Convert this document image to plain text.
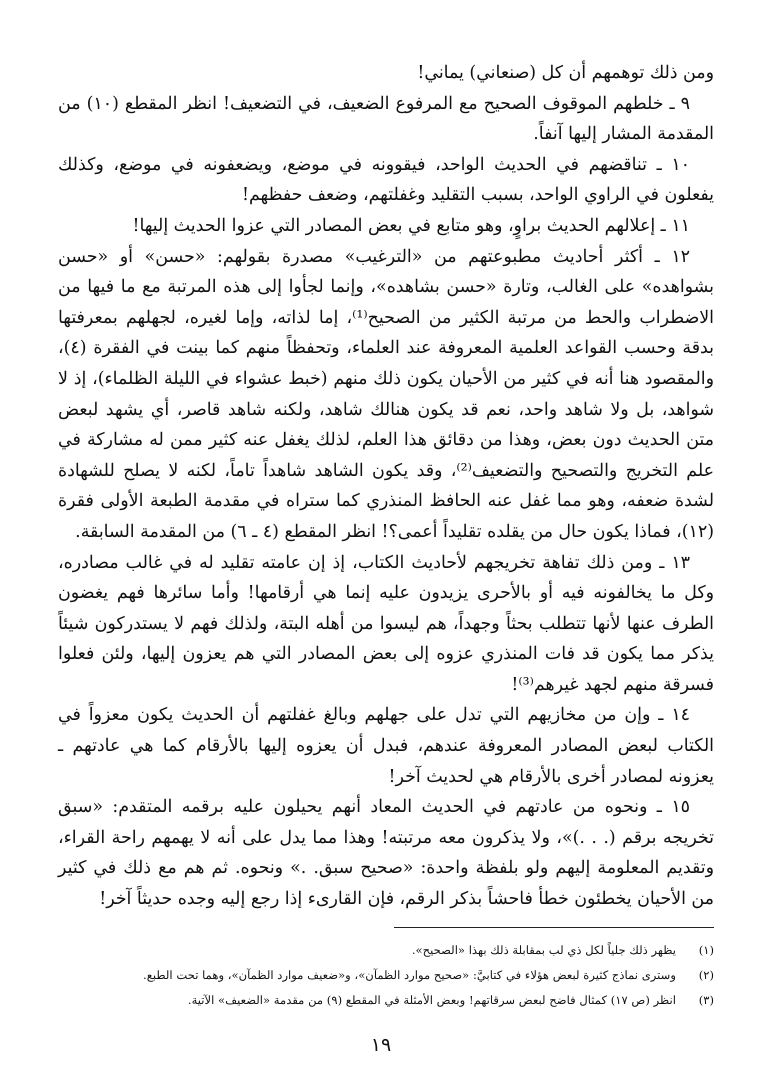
ومن ذلك توهمهم أن كل (صنعاني) يماني!

٩ ـ خلطهم الموقوف الصحيح مع المرفوع الضعيف، في التضعيف! انظر المقطع (١٠) من المقدمة المشار إليها آنفاً.

١٠ ـ تناقضهم في الحديث الواحد، فيقوونه في موضع، ويضعفونه في موضع، وكذلك يفعلون في الراوي الواحد، بسبب التقليد وغفلتهم، وضعف حفظهم!

١١ ـ إعلالهم الحديث براوٍ، وهو متابع في بعض المصادر التي عزوا الحديث إليها!

١٢ ـ أكثر أحاديث مطبوعتهم من «الترغيب» مصدرة بقولهم: «حسن» أو «حسن بشواهده» على الغالب، وتارة «حسن بشاهده»، وإنما لجأوا إلى هذه المرتبة مع ما فيها من الاضطراب والحط من مرتبة الكثير من الصحيح⁽¹⁾، إما لذاته، وإما لغيره، لجهلهم بمعرفتها بدقة وحسب القواعد العلمية المعروفة عند العلماء، وتحفظاً منهم كما بينت في الفقرة (٤)، والمقصود هنا أنه في كثير من الأحيان يكون ذلك منهم (خبط عشواء في الليلة الظلماء)، إذ لا شواهد، بل ولا شاهد واحد، نعم قد يكون هنالك شاهد، ولكنه شاهد قاصر، أي يشهد لبعض متن الحديث دون بعض، وهذا من دقائق هذا العلم، لذلك يغفل عنه كثير ممن له مشاركة في علم التخريج والتصحيح والتضعيف⁽²⁾، وقد يكون الشاهد شاهداً تاماً، لكنه لا يصلح للشهادة لشدة ضعفه، وهو مما غفل عنه الحافظ المنذري كما ستراه في مقدمة الطبعة الأولى فقرة (١٢)، فماذا يكون حال من يقلده تقليداً أعمى؟! انظر المقطع (٤ ـ ٦) من المقدمة السابقة.

١٣ ـ ومن ذلك تفاهة تخريجهم لأحاديث الكتاب، إذ إن عامته تقليد له في غالب مصادره، وكل ما يخالفونه فيه أو بالأحرى يزيدون عليه إنما هي أرقامها! وأما سائرها فهم يغضون الطرف عنها لأنها تتطلب بحثاً وجهداً، هم ليسوا من أهله البتة، ولذلك فهم لا يستدركون شيئاً يذكر مما يكون قد فات المنذري عزوه إلى بعض المصادر التي هم يعزون إليها، ولئن فعلوا فسرقة منهم لجهد غيرهم⁽³⁾!

١٤ ـ وإن من مخازيهم التي تدل على جهلهم وبالغ غفلتهم أن الحديث يكون معزواً في الكتاب لبعض المصادر المعروفة عندهم، فبدل أن يعزوه إليها بالأرقام كما هي عادتهم ـ يعزونه لمصادر أخرى بالأرقام هي لحديث آخر!

١٥ ـ ونحوه من عادتهم في الحديث المعاد أنهم يحيلون عليه برقمه المتقدم: «سبق تخريجه برقم (. . .)»، ولا يذكرون معه مرتبته! وهذا مما يدل على أنه لا يهمهم راحة القراء، وتقديم المعلومة إليهم ولو بلفظة واحدة: «صحيح سبق. .» ونحوه. ثم هم مع ذلك في كثير من الأحيان يخطئون خطأ فاحشاً بذكر الرقم، فإن القارىء إذا رجع إليه وجده حديثاً آخر!

(١)
يظهر ذلك جلياً لكل ذي لب بمقابلة ذلك بهذا «الصحيح».
(٢)
وسترى نماذج كثيرة لبعض هؤلاء في كتابيَّ: «صحيح موارد الظمآن»، و«ضعيف موارد الظمآن»، وهما تحت الطبع.
(٣)
انظر (ص ١٧) كمثال فاضح لبعض سرقاتهم! وبعض الأمثلة في المقطع (٩) من مقدمة «الضعيف» الآتية.
١٩
